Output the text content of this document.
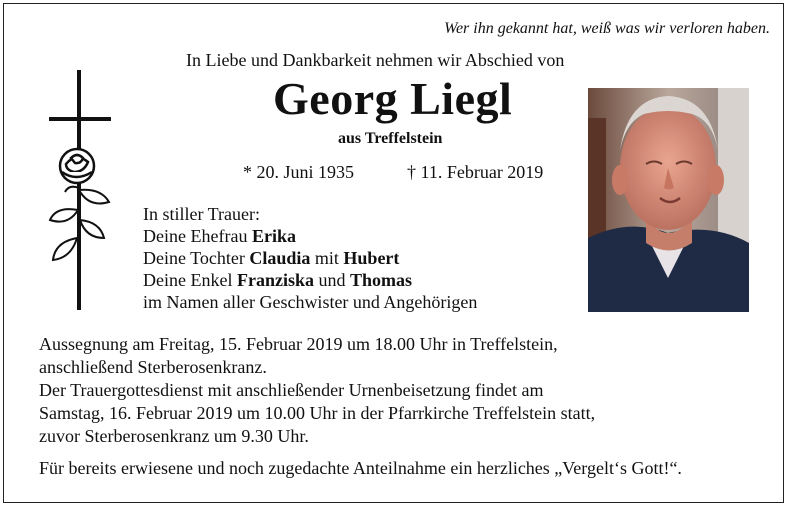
Wer ihn gekannt hat, weiß was wir verloren haben.
In Liebe und Dankbarkeit nehmen wir Abschied von
Georg Liegl
aus Treffelstein
* 20. Juni 1935	† 11. Februar 2019
In stiller Trauer:
Deine Ehefrau Erika
Deine Tochter Claudia mit Hubert
Deine Enkel Franziska und Thomas
im Namen aller Geschwister und Angehörigen
Aussegnung am Freitag, 15. Februar 2019 um 18.00 Uhr in Treffelstein,
anschließend Sterberosenkranz.
Der Trauergottesdienst mit anschließender Urnenbeisetzung findet am
Samstag, 16. Februar 2019 um 10.00 Uhr in der Pfarrkirche Treffelstein statt,
zuvor Sterberosenkranz um 9.30 Uhr.
Für bereits erwiesene und noch zugedachte Anteilnahme ein herzliches „Vergelt‘s Gott!“.
